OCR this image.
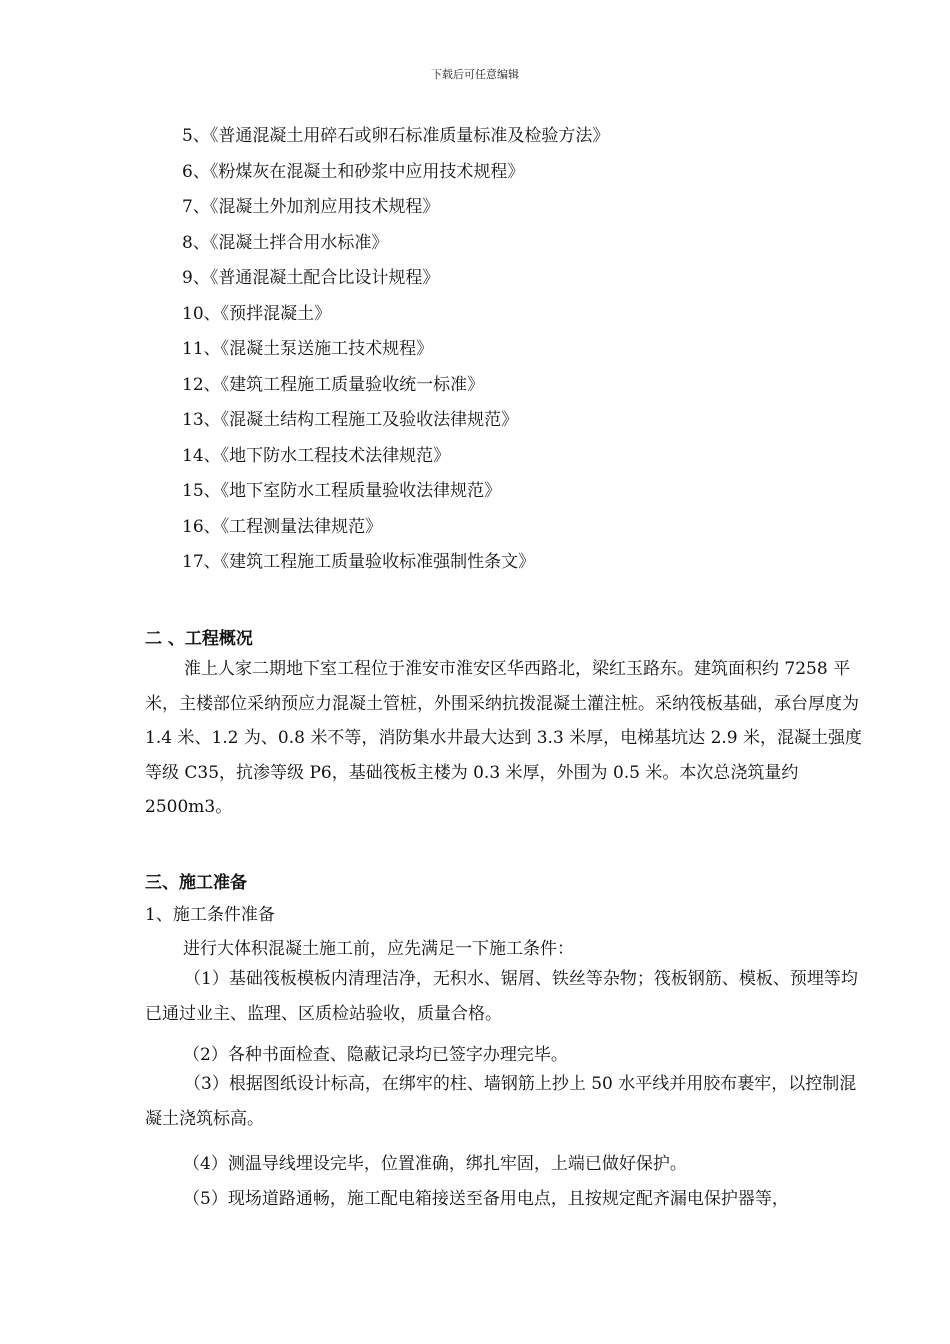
下载后可任意编辑
5、《普通混凝土用碎石或卵石标准质量标准及检验方法》
6、《粉煤灰在混凝土和砂浆中应用技术规程》
7、《混凝土外加剂应用技术规程》
8、《混凝土拌合用水标准》
9、《普通混凝土配合比设计规程》
10、《预拌混凝土》
11、《混凝土泵送施工技术规程》
12、《建筑工程施工质量验收统一标准》
13、《混凝土结构工程施工及验收法律规范》
14、《地下防水工程技术法律规范》
15、《地下室防水工程质量验收法律规范》
16、《工程测量法律规范》
17、《建筑工程施工质量验收标准强制性条文》
二 、工程概况
淮上人家二期地下室工程位于淮安市淮安区华西路北，梁红玉路东。建筑面积约 7258 平米，主楼部位采纳预应力混凝土管桩，外围采纳抗拨混凝土灌注桩。采纳筏板基础，承台厚度为 1.4 米、1.2 为、0.8 米不等，消防集水井最大达到 3.3 米厚，电梯基坑达 2.9 米，混凝土强度等级 C35，抗渗等级 P6，基础筏板主楼为 0.3 米厚，外围为 0.5 米。本次总浇筑量约 2500m3。
三、施工准备
1、施工条件准备
进行大体积混凝土施工前，应先满足一下施工条件：
（1）基础筏板模板内清理洁净，无积水、锯屑、铁丝等杂物；筏板钢筋、模板、预埋等均已通过业主、监理、区质检站验收，质量合格。
（2）各种书面检查、隐蔽记录均已签字办理完毕。
（3）根据图纸设计标高，在绑牢的柱、墙钢筋上抄上 50 水平线并用胶布裹牢，以控制混凝土浇筑标高。
（4）测温导线埋设完毕，位置准确，绑扎牢固，上端已做好保护。
（5）现场道路通畅，施工配电箱接送至备用电点，且按规定配齐漏电保护器等，
